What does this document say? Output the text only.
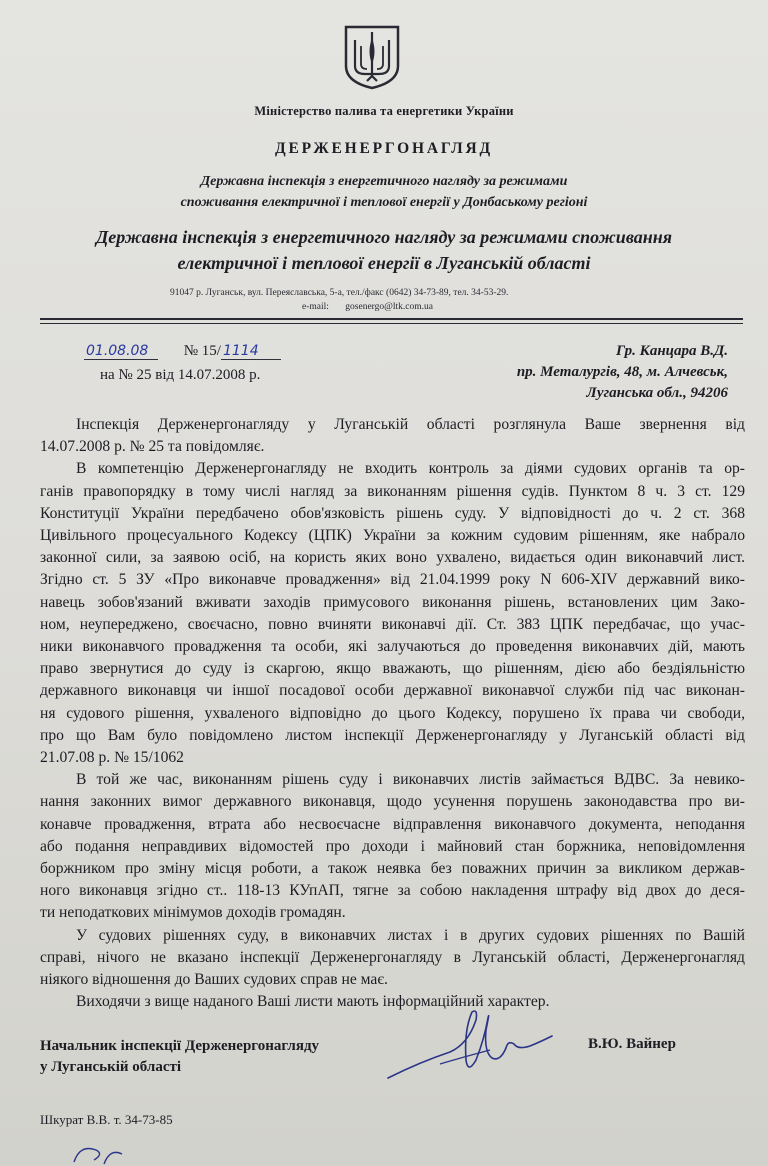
Міністерство палива та енергетики України
ДЕРЖЕНЕРГОНАГЛЯД
Державна інспекція з енергетичного нагляду за режимами
споживання електричної і теплової енергії у Донбаському регіоні
Державна інспекція з енергетичного нагляду за режимами споживання
електричної і теплової енергії в Луганській області
91047 р. Луганськ, вул. Переяславська, 5-а, тел./факс (0642) 34-73-89, тел. 34-53-29.
e-mail: gosenergo@ltk.com.ua
01.08.08 № 15/ 1114
на № 25 від 14.07.2008 р.
Гр. Канцара В.Д.
пр. Металургів, 48, м. Алчевськ,
Луганська обл., 94206

Інспекція Держенергонагляду у Луганській області розглянула Ваше звернення від

14.07.2008 р. № 25 та повідомляє.

В компетенцію Держенергонагляду не входить контроль за діями судових органів та ор-

ганів правопорядку в тому числі нагляд за виконанням рішення судів. Пунктом 8 ч. 3 ст. 129

Конституції України передбачено обов'язковість рішень суду. У відповідності до ч. 2 ст. 368

Цивільного процесуального Кодексу (ЦПК) України за кожним судовим рішенням, яке набрало

законної сили, за заявою осіб, на користь яких воно ухвалено, видається один виконавчий лист.

Згідно ст. 5 ЗУ «Про виконавче провадження» від 21.04.1999 року N 606-XIV державний вико-

навець зобов'язаний вживати заходів примусового виконання рішень, встановлених цим Зако-

ном, неупереджено, своєчасно, повно вчиняти виконавчі дії. Ст. 383 ЦПК передбачає, що учас-

ники виконавчого провадження та особи, які залучаються до проведення виконавчих дій, мають

право звернутися до суду із скаргою, якщо вважають, що рішенням, дією або бездіяльністю

державного виконавця чи іншої посадової особи державної виконавчої служби під час виконан-

ня судового рішення, ухваленого відповідно до цього Кодексу, порушено їх права чи свободи,

про що Вам було повідомлено листом інспекції Держенергонагляду у Луганській області від

21.07.08 р. № 15/1062

В той же час, виконанням рішень суду і виконавчих листів займається ВДВС. За невико-

нання законних вимог державного виконавця, щодо усунення порушень законодавства про ви-

конавче провадження, втрата або несвоєчасне відправлення виконавчого документа, неподання

або подання неправдивих відомостей про доходи і майновий стан боржника, неповідомлення

боржником про зміну місця роботи, а також неявка без поважних причин за викликом держав-

ного виконавця згідно ст.. 118-13 КУпАП, тягне за собою накладення штрафу від двох до деся-

ти неподаткових мінімумов доходів громадян.

У судових рішеннях суду, в виконавчих листах і в других судових рішеннях по Вашій

справі, нічого не вказано інспекції Держенергонагляду в Луганській області, Держенергонагляд

ніякого відношення до Ваших судових справ не має.

Виходячи з вище наданого Ваші листи мають інформаційний характер.

Начальник інспекції Держенергонагляду
у Луганській області
В.Ю. Вайнер
Шкурат В.В. т. 34-73-85
